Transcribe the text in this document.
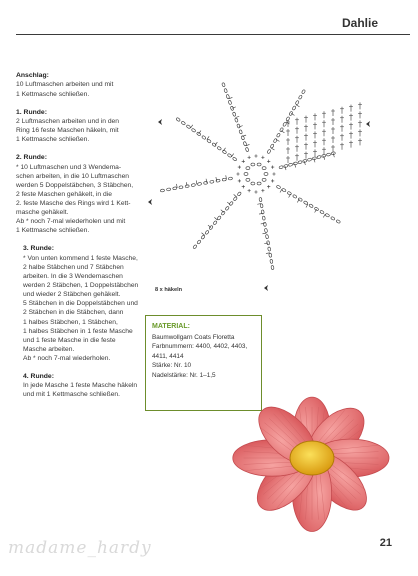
Dahlie
Anschlag:
10 Luftmaschen arbeiten und mit
1 Kettmasche schließen.
1. Runde:
2 Luftmaschen arbeiten und in den
Ring 16 feste Maschen häkeln, mit
1 Kettmasche schließen.
2. Runde:
* 10 Luftmaschen und 3 Wendema-
schen arbeiten, in die 10 Luftmaschen
werden 5 Doppelstäbchen, 3 Stäbchen,
2 feste Maschen gehäkelt, in die
2. feste Masche des Rings wird 1 Kett-
masche gehäkelt.
Ab * noch 7-mal wiederholen und mit
1 Kettmasche schließen.
3. Runde:
* Von unten kommend 1 feste Masche,
2 halbe Stäbchen und 7 Stäbchen
arbeiten. In die 3 Wendemaschen
werden 2 Stäbchen, 1 Doppelstäbchen
und wieder 2 Stäbchen gehäkelt.
5 Stäbchen in die Doppelstäbchen und
2 Stäbchen in die Stäbchen, dann
1 halbes Stäbchen, 1 Stäbchen,
1 halbes Stäbchen in 1 feste Masche
und 1 feste Masche in die feste
Masche arbeiten.
Ab * noch 7-mal wiederholen.
4. Runde:
In jede Masche 1 feste Masche häkeln
und mit 1 Kettmasche schließen.
8 x häkeln
MATERIAL:
Baumwollgarn Coats Floretta
Farbnummern: 4400, 4402, 4403,
4411, 4414
Stärke: Nr. 10
Nadelstärke: Nr. 1–1,5
madame_hardy	21
